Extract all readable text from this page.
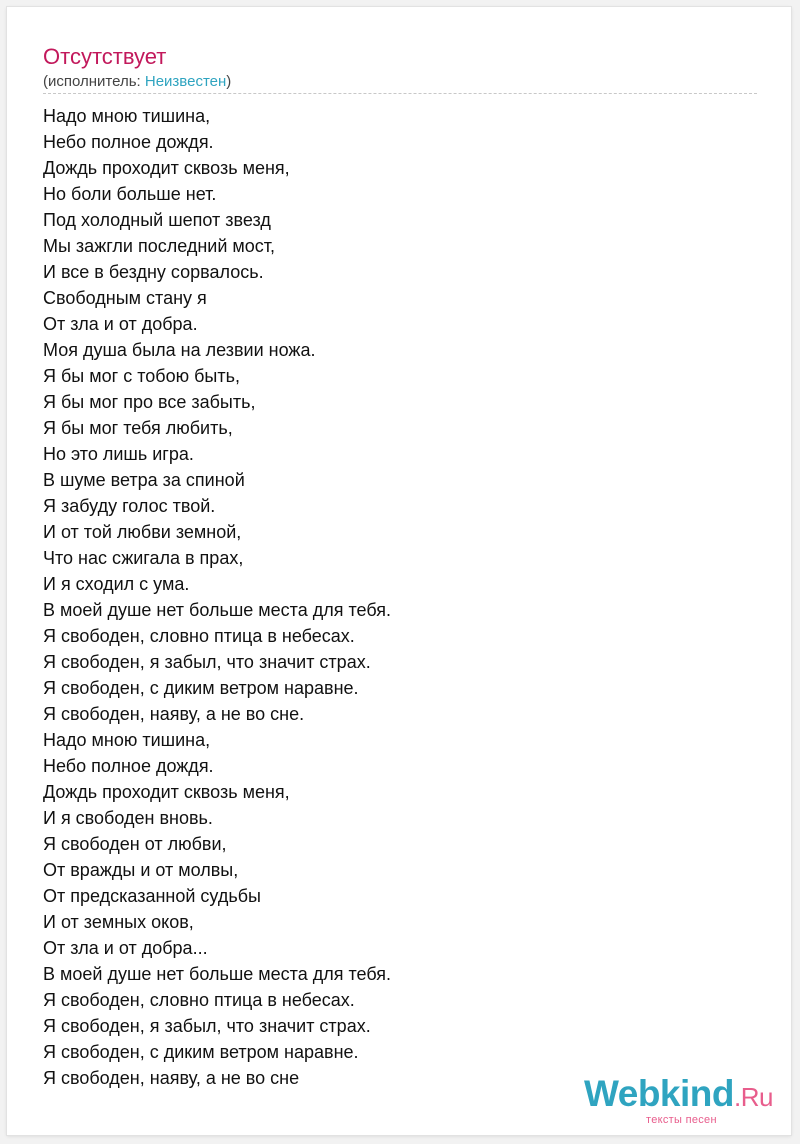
Отсутствует
(исполнитель: Неизвестен)
Надо мною тишина,
Небо полное дождя.
Дождь проходит сквозь меня,
Но боли больше нет.
Под холодный шепот звезд
Мы зажгли последний мост,
И все в бездну сорвалось.
Свободным стану я
От зла и от добра.
Моя душа была на лезвии ножа.
Я бы мог с тобою быть,
Я бы мог про все забыть,
Я бы мог тебя любить,
Но это лишь игра.
В шуме ветра за спиной
Я забуду голос твой.
И от той любви земной,
Что нас сжигала в прах,
И я сходил с ума.
В моей душе нет больше места для тебя.
Я свободен, словно птица в небесах.
Я свободен, я забыл, что значит страх.
Я свободен, с диким ветром наравне.
Я свободен, наяву, а не во сне.
Надо мною тишина,
Небо полное дождя.
Дождь проходит сквозь меня,
И я свободен вновь.
Я свободен от любви,
От вражды и от молвы,
От предсказанной судьбы
И от земных оков,
От зла и от добра...
В моей душе нет больше места для тебя.
Я свободен, словно птица в небесах.
Я свободен, я забыл, что значит страх.
Я свободен, с диким ветром наравне.
Я свободен, наяву, а не во сне	Webkind.Ru
тексты песен
